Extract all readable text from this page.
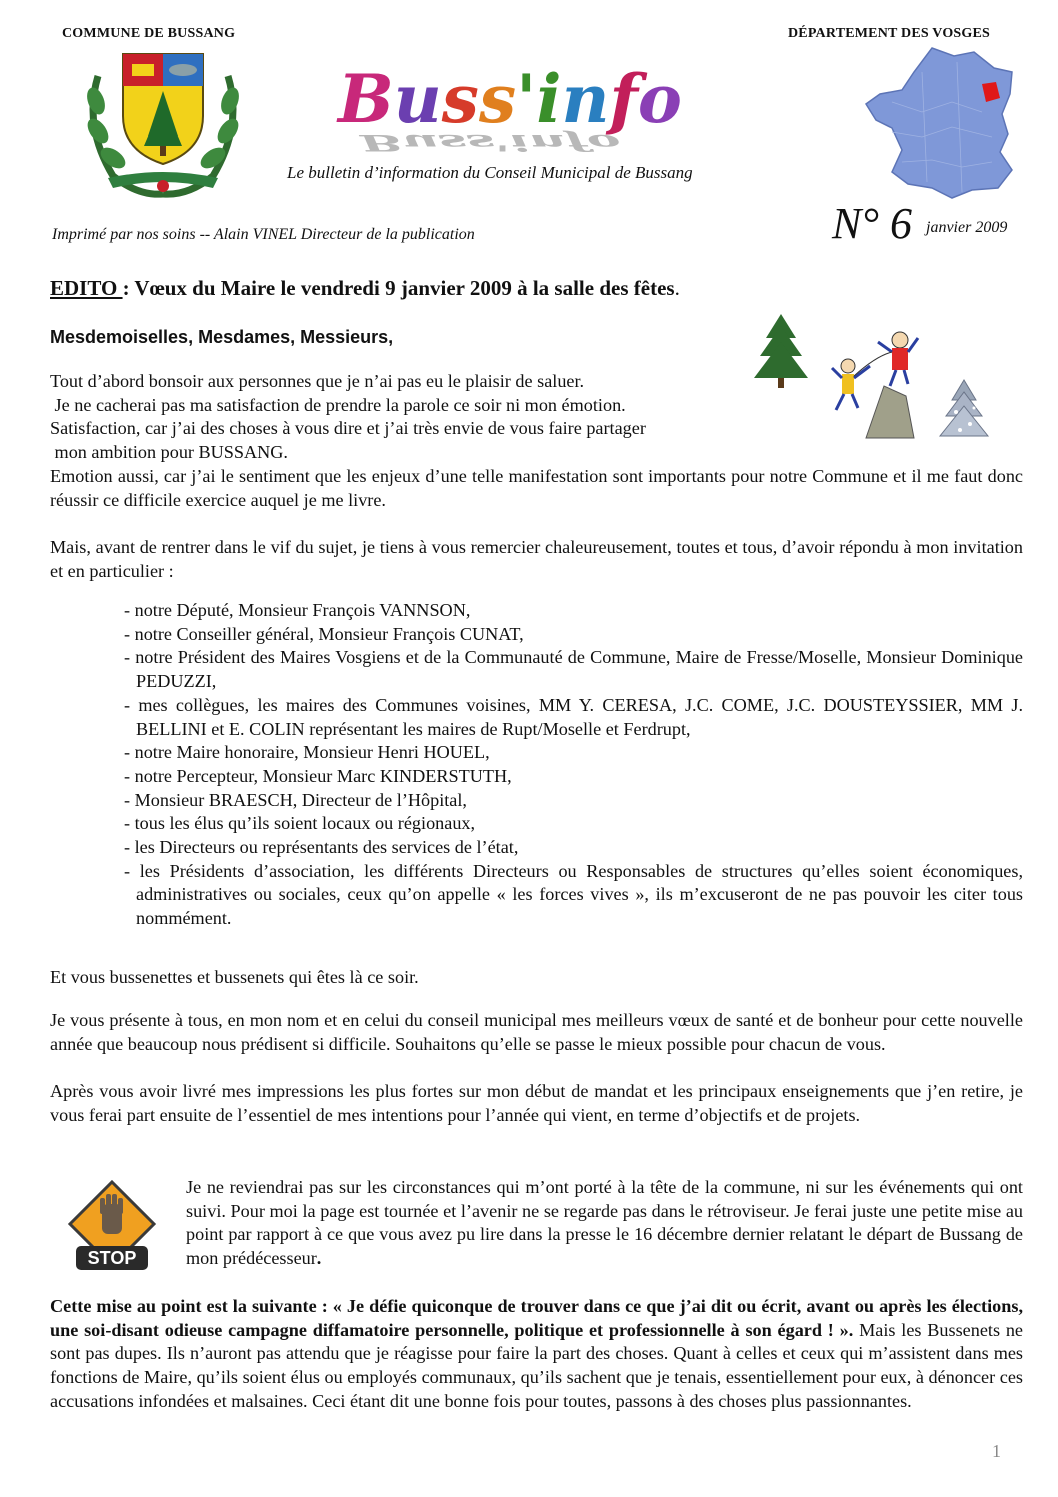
COMMUNE DE BUSSANG	DÉPARTEMENT DES VOSGES
Buss'info
Buss'info
Le bulletin d’information du Conseil Municipal de Bussang
Imprimé par nos soins -- Alain VINEL Directeur de la publication	N° 6 janvier 2009
EDITO : Vœux du Maire le vendredi 9 janvier 2009 à la salle des fêtes.
Mesdemoiselles, Mesdames, Messieurs,

Tout d’abord bonsoir aux personnes que je n’ai pas eu le plaisir de saluer.

Je ne cacherai pas ma satisfaction de prendre la parole ce soir ni mon émotion.

Satisfaction, car j’ai des choses à vous dire et j’ai très envie de vous faire partager

mon ambition pour BUSSANG.

Emotion aussi, car j’ai le sentiment que les enjeux d’une telle manifestation sont importants pour notre Commune et il me faut donc réussir ce difficile exercice auquel je me livre.
Mais, avant de rentrer dans le vif du sujet, je tiens à vous remercier chaleureusement, toutes et tous, d’avoir répondu à mon invitation et en particulier :

- notre Député, Monsieur François VANNSON,

- notre Conseiller général, Monsieur François CUNAT,

- notre Président des Maires Vosgiens et de la Communauté de Commune, Maire de Fresse/Moselle, Monsieur Dominique PEDUZZI,

- mes collègues, les maires des Communes voisines, MM Y. CERESA, J.C. COME, J.C. DOUSTEYSSIER, MM J. BELLINI et E. COLIN représentant les maires de Rupt/Moselle et Ferdrupt,

- notre Maire honoraire, Monsieur Henri HOUEL,

- notre Percepteur, Monsieur Marc KINDERSTUTH,

- Monsieur BRAESCH, Directeur de l’Hôpital,

- tous les élus qu’ils soient locaux ou régionaux,

- les Directeurs ou représentants des services de l’état,

- les Présidents d’association, les différents Directeurs ou Responsables de structures qu’elles soient économiques, administratives ou sociales, ceux qu’on appelle « les forces vives », ils m’excuseront de ne pas pouvoir les citer tous nommément.

Et vous bussenettes et bussenets qui êtes là ce soir.
Je vous présente à tous, en mon nom et en celui du conseil municipal mes meilleurs vœux de santé et de bonheur pour cette nouvelle année que beaucoup nous prédisent si difficile. Souhaitons qu’elle se passe le mieux possible pour chacun de vous.
Après vous avoir livré mes impressions les plus fortes sur mon début de mandat et les principaux enseignements que j’en retire, je vous ferai part ensuite de l’essentiel de mes intentions pour l’année qui vient, en terme d’objectifs et de projets.
STOP
Je ne reviendrai pas sur les circonstances qui m’ont porté à la tête de la commune, ni sur les événements qui ont suivi. Pour moi la page est tournée et l’avenir ne se regarde pas dans le rétroviseur. Je ferai juste une petite mise au point par rapport à ce que vous avez pu lire dans la presse le 16 décembre dernier relatant le départ de Bussang de mon prédécesseur.
Cette mise au point est la suivante : « Je défie quiconque de trouver dans ce que j’ai dit ou écrit, avant ou après les élections, une soi-disant odieuse campagne diffamatoire personnelle, politique et professionnelle à son égard ! ». Mais les Bussenets ne sont pas dupes. Ils n’auront pas attendu que je réagisse pour faire la part des choses. Quant à celles et ceux qui m’assistent dans mes fonctions de Maire, qu’ils soient élus ou employés communaux, qu’ils sachent que je tenais, essentiellement pour eux, à dénoncer ces accusations infondées et malsaines. Ceci étant dit une bonne fois pour toutes, passons à des choses plus passionnantes.
1
